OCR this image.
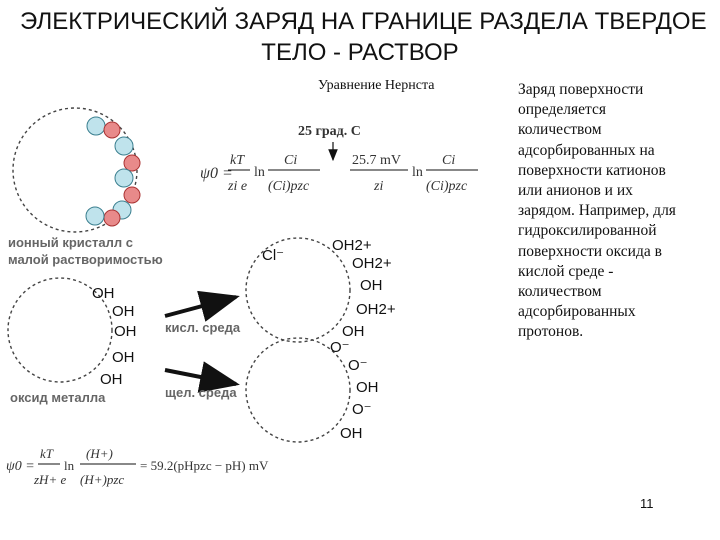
ЭЛЕКТРИЧЕСКИЙ ЗАРЯД НА ГРАНИЦЕ РАЗДЕЛА ТВЕРДОЕ
ТЕЛО - РАСТВОР
Уравнение Нернста	Заряд поверхности
определяется
количеством
адсорбированных на
поверхности катионов
или анионов и их
зарядом. Например, для
гидроксилированной
поверхности оксида в
кислой среде -
количеством
адсорбированных
протонов.
11
ионный кристалл с
малой растворимостью
25 град. С
ψ0 =
kT
zi e
ln
Ci
(Ci)pzc
25.7 mV
zi
ln
Ci
(Ci)pzc
OH
OH
OH
OH
OH
оксид металла
кисл. среда
щел. среда
Cl⁻
OH2+
OH2+
OH
OH2+
OH
O⁻
O⁻
OH
O⁻
OH
ψ0 =
kT
zH+ e
ln
(H+)
(H+)pzc
= 59.2(pHpzc − pH) mV
